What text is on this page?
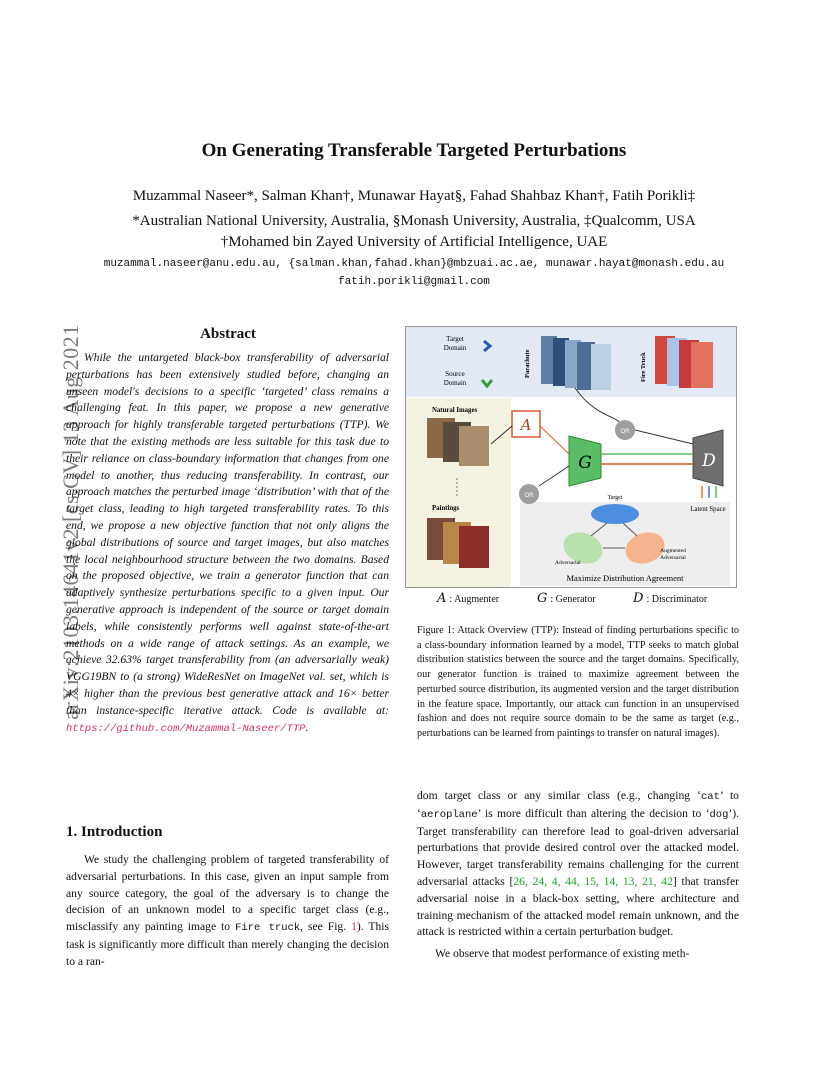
arXiv:2103.14641v2 [cs.CV] 13 Aug 2021
On Generating Transferable Targeted Perturbations
Muzammal Naseer*, Salman Khan†, Munawar Hayat§, Fahad Shahbaz Khan†, Fatih Porikli‡
*Australian National University, Australia, §Monash University, Australia, ‡Qualcomm, USA
†Mohamed bin Zayed University of Artificial Intelligence, UAE
muzammal.naseer@anu.edu.au, {salman.khan,fahad.khan}@mbzuai.ac.ae, munawar.hayat@monash.edu.au
fatih.porikli@gmail.com
Abstract
While the untargeted black-box transferability of adversarial perturbations has been extensively studied before, changing an unseen model's decisions to a specific ‘targeted’ class remains a challenging feat. In this paper, we propose a new generative approach for highly transferable targeted perturbations (TTP). We note that the existing methods are less suitable for this task due to their reliance on class-boundary information that changes from one model to another, thus reducing transferability. In contrast, our approach matches the perturbed image ‘distribution’ with that of the target class, leading to high targeted transferability rates. To this end, we propose a new objective function that not only aligns the global distributions of source and target images, but also matches the local neighbourhood structure between the two domains. Based on the proposed objective, we train a generator function that can adaptively synthesize perturbations specific to a given input. Our generative approach is independent of the source or target domain labels, while consistently performs well against state-of-the-art methods on a wide range of attack settings. As an example, we achieve 32.63% target transferability from (an adversarially weak) VGG19BN to (a strong) WideResNet on ImageNet val. set, which is 4× higher than the previous best generative attack and 16× better than instance-specific iterative attack. Code is available at: https://github.com/Muzammal-Naseer/TTP.
1. Introduction
We study the challenging problem of targeted transferability of adversarial perturbations. In this case, given an input sample from any source category, the goal of the adversary is to change the decision of an unknown model to a specific target class (e.g., misclassify any painting image to Fire truck, see Fig. 1). This task is significantly more difficult than merely changing the decision to a ran-
Target Domain
Source Domain
Parachute	Fire Truck
Natural Images
Paintings
A
OR
OR
G	D
Latent Space
Target
Adversarial
Augmented Adversarial
Maximize Distribution Agreement
A : Augmenter	G : Generator	D : Discriminator
Figure 1: Attack Overview (TTP): Instead of finding perturbations specific to a class-boundary information learned by a model, TTP seeks to match global distribution statistics between the source and the target domains. Specifically, our generator function is trained to maximize agreement between the perturbed source distribution, its augmented version and the target distribution in the feature space. Importantly, our attack can function in an unsupervised fashion and does not require source domain to be the same as target (e.g., perturbations can be learned from paintings to transfer on natural images).
dom target class or any similar class (e.g., changing ‘cat’ to ‘aeroplane’ is more difficult than altering the decision to ‘dog’). Target transferability can therefore lead to goal-driven adversarial perturbations that provide desired control over the attacked model. However, target transferability remains challenging for the current adversarial attacks [26, 24, 4, 44, 15, 14, 13, 21, 42] that transfer adversarial noise in a black-box setting, where architecture and training mechanism of the attacked model remain unknown, and the attack is restricted within a certain perturbation budget.
We observe that modest performance of existing meth-
